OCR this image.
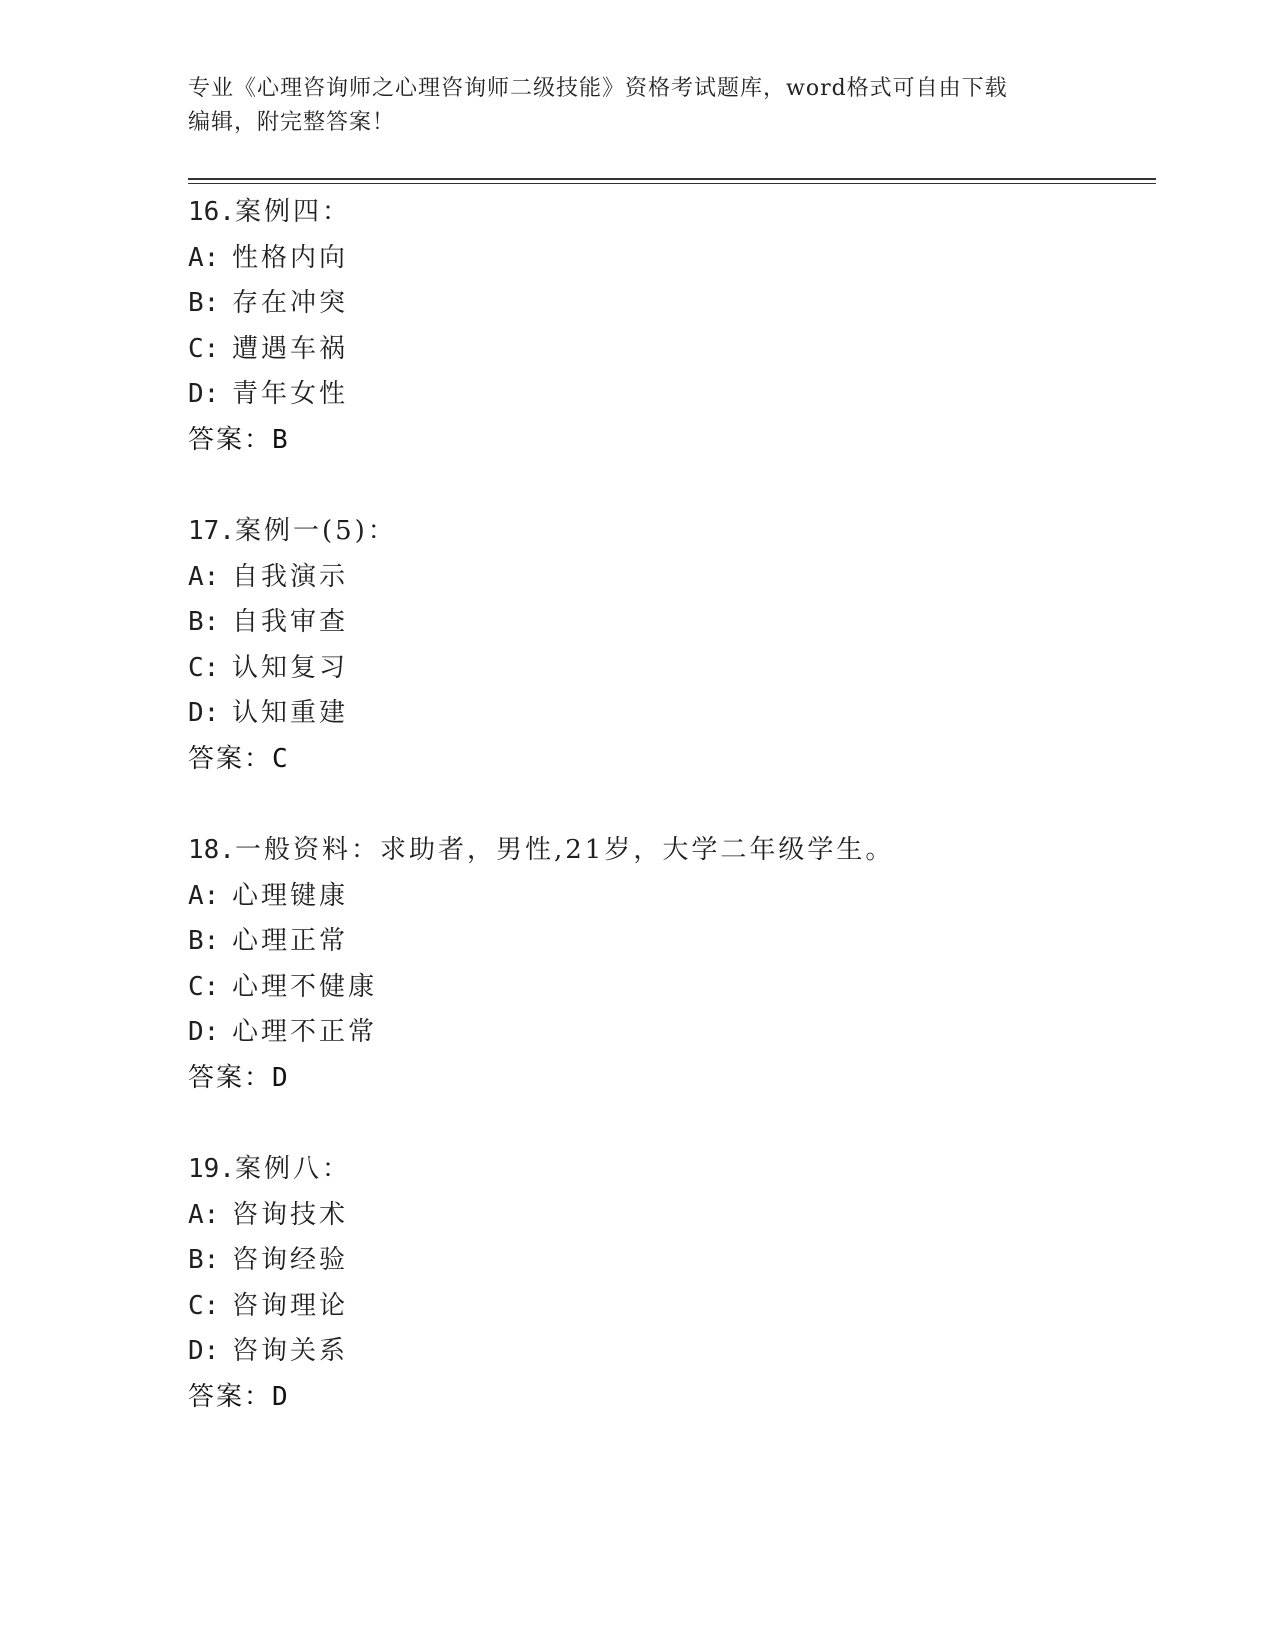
专业《心理咨询师之心理咨询师二级技能》资格考试题库，word格式可自由下载
编辑，附完整答案！
16.案例四：
A: 性格内向
B: 存在冲突
C: 遭遇车祸
D: 青年女性
答案：B
17.案例一(5)：
A: 自我演示
B: 自我审查
C: 认知复习
D: 认知重建
答案：C
18.一般资料：求助者，男性,21岁，大学二年级学生。
A: 心理键康
B: 心理正常
C: 心理不健康
D: 心理不正常
答案：D
19.案例八：
A: 咨询技术
B: 咨询经验
C: 咨询理论
D: 咨询关系
答案：D
